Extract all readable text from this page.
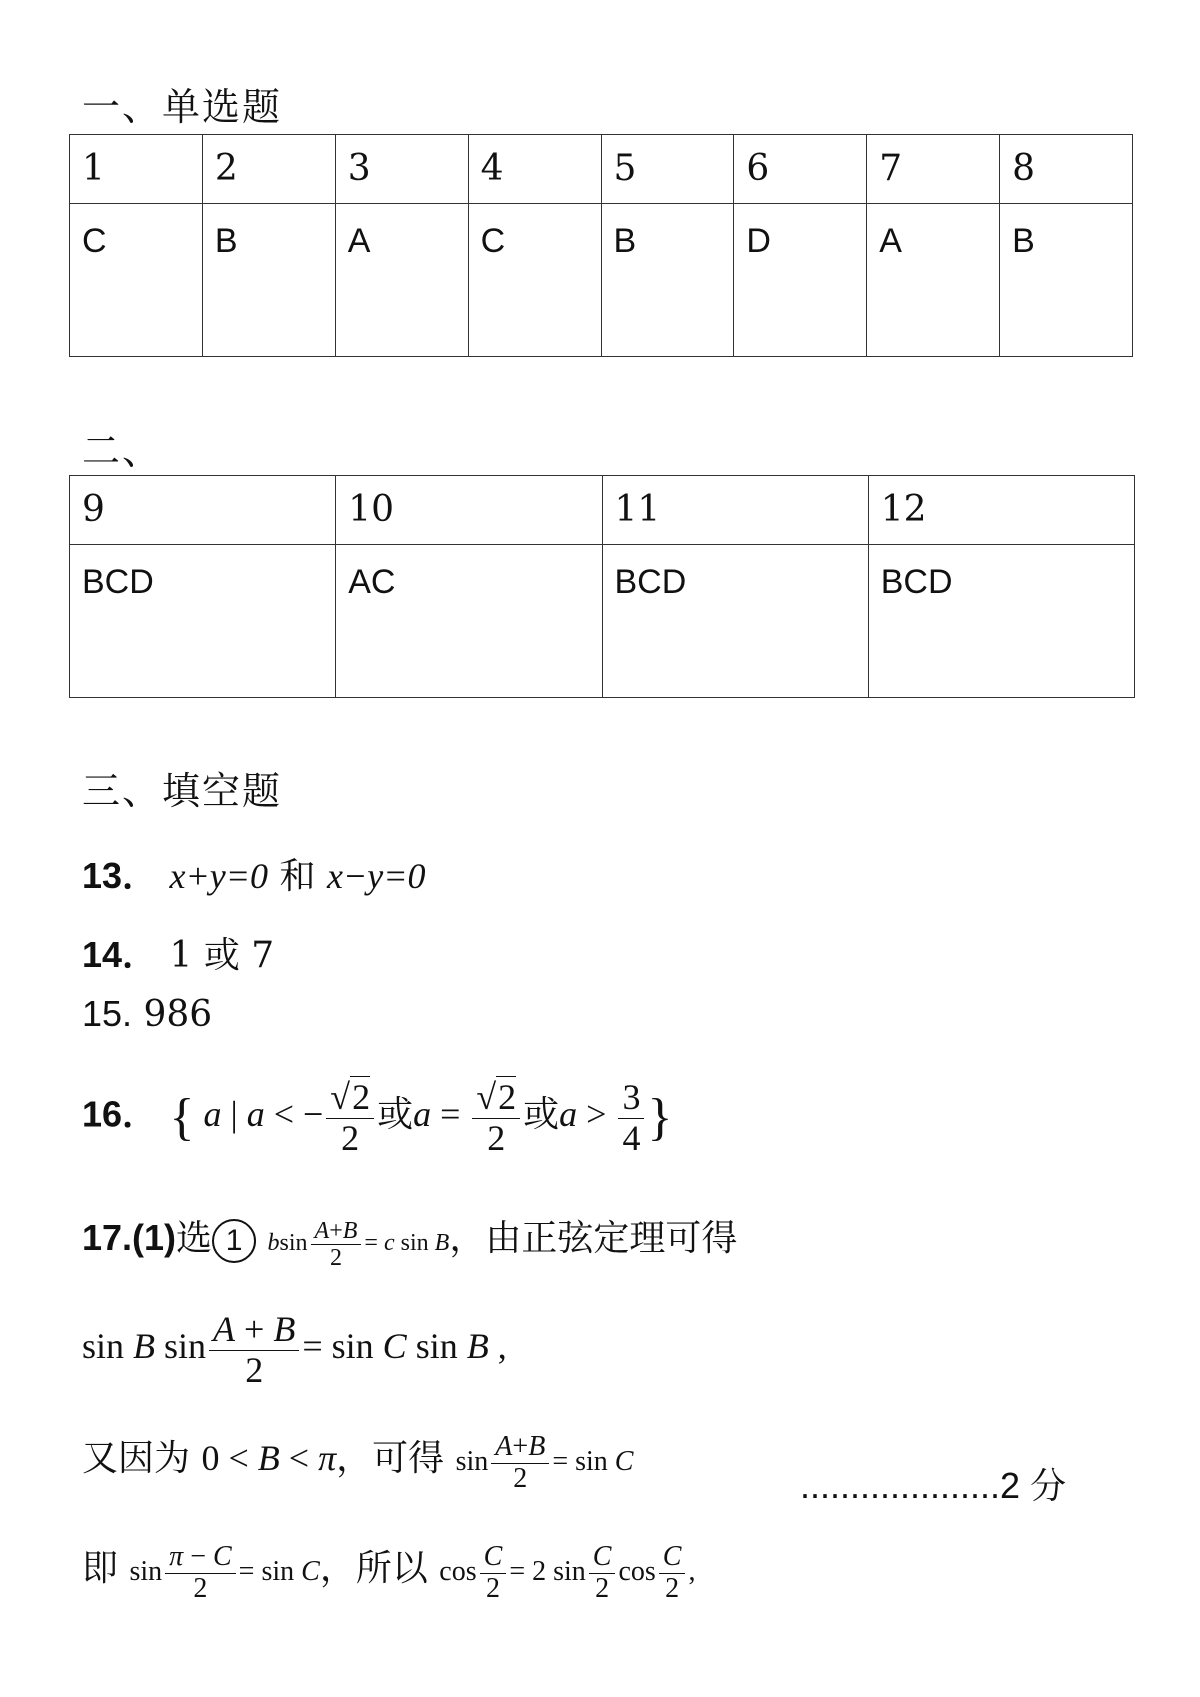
一、单选题
1	2	3	4	5	6	7	8
C	B	A	C	B	D	A	B
二、
9	10	11	12
BCD	AC	BCD	BCD
三、填空题
13． x+y=0 和 x−y=0
14． 1 或 7
15. 986
16． { a | a < − $\frac{√2}{2}$ 或$a = \frac{√2}{2}$ 或$a > \frac{3}{4}$ }
17.(1)选 1 bsin $\frac{A+B}{2} = c$ sin B，由正弦定理可得
sin B $\sin \frac{A + B}{2} = \sin C$ sin B ,
又因为 0 < B < π，可得 $\sin \frac{A+B}{2} = \sin C$
....................2 分
即 $\sin \frac{\pi - C}{2} = \sin C$，所以 $\cos \frac{C}{2} = 2$ $\sin \frac{C}{2}$ $\cos \frac{C}{2}$ ,
